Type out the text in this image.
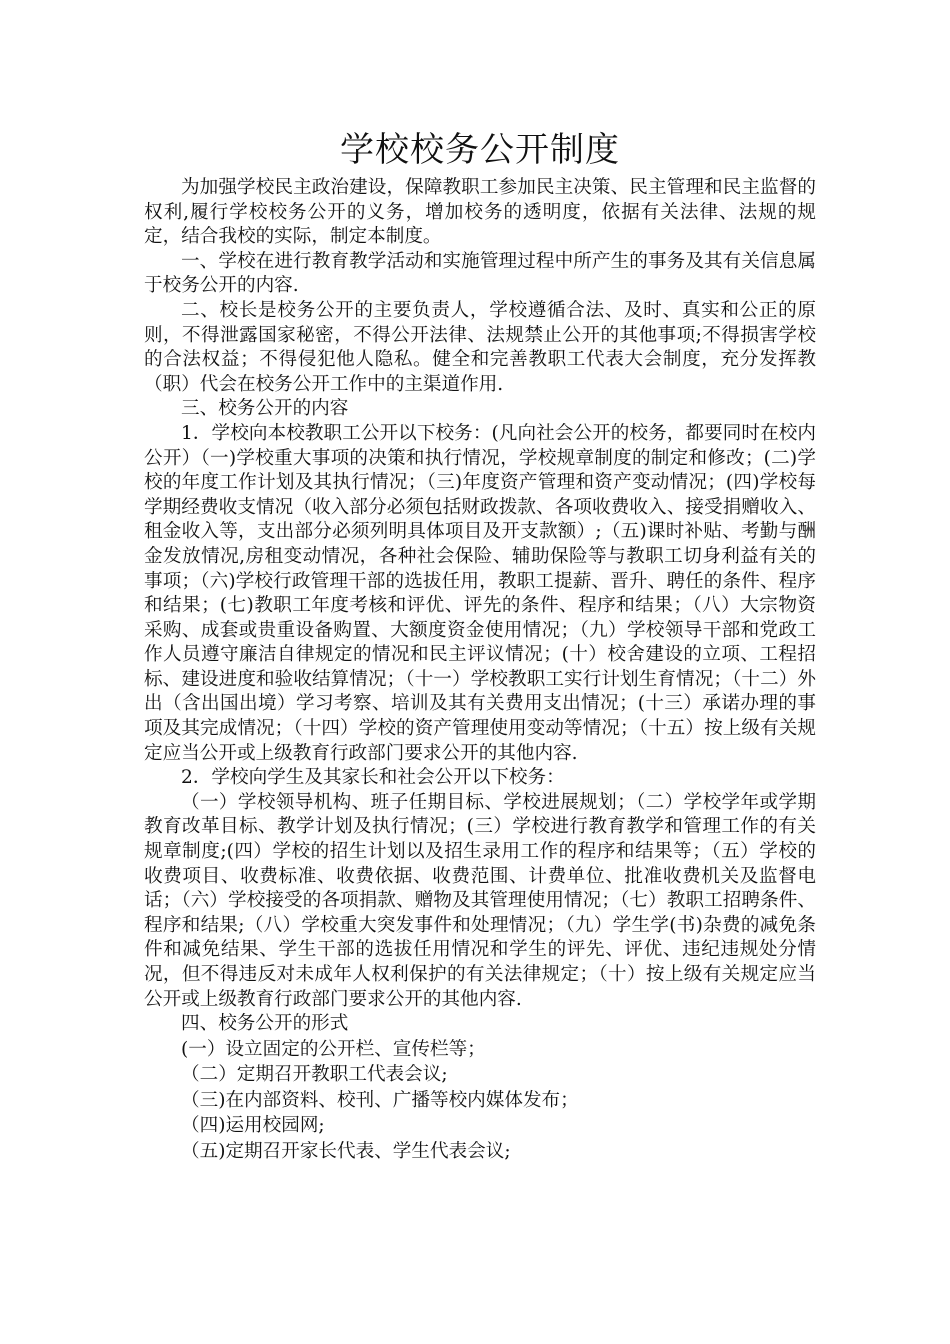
学校校务公开制度

为加强学校民主政治建设，保障教职工参加民主决策、民主管理和民主监督的权利,履行学校校务公开的义务，增加校务的透明度，依据有关法律、法规的规定，结合我校的实际，制定本制度。

一、学校在进行教育教学活动和实施管理过程中所产生的事务及其有关信息属于校务公开的内容.

二、校长是校务公开的主要负责人，学校遵循合法、及时、真实和公正的原则，不得泄露国家秘密，不得公开法律、法规禁止公开的其他事项;不得损害学校的合法权益；不得侵犯他人隐私。健全和完善教职工代表大会制度，充分发挥教（职）代会在校务公开工作中的主渠道作用.

三、校务公开的内容

1．学校向本校教职工公开以下校务：(凡向社会公开的校务，都要同时在校内公开）（一)学校重大事项的决策和执行情况，学校规章制度的制定和修改；(二)学校的年度工作计划及其执行情况；（三)年度资产管理和资产变动情况；(四)学校每学期经费收支情况（收入部分必须包括财政拨款、各项收费收入、接受捐赠收入、租金收入等，支出部分必须列明具体项目及开支款额）;（五)课时补贴、考勤与酬金发放情况,房租变动情况，各种社会保险、辅助保险等与教职工切身利益有关的事项；（六)学校行政管理干部的选拔任用，教职工提薪、晋升、聘任的条件、程序和结果；(七)教职工年度考核和评优、评先的条件、程序和结果；（八）大宗物资采购、成套或贵重设备购置、大额度资金使用情况；（九）学校领导干部和党政工作人员遵守廉洁自律规定的情况和民主评议情况；(十）校舍建设的立项、工程招标、建设进度和验收结算情况；（十一）学校教职工实行计划生育情况；（十二）外出（含出国出境）学习考察、培训及其有关费用支出情况；(十三）承诺办理的事项及其完成情况；（十四）学校的资产管理使用变动等情况；（十五）按上级有关规定应当公开或上级教育行政部门要求公开的其他内容.

2．学校向学生及其家长和社会公开以下校务：

（一）学校领导机构、班子任期目标、学校进展规划；（二）学校学年或学期教育改革目标、教学计划及执行情况；(三）学校进行教育教学和管理工作的有关规章制度;(四）学校的招生计划以及招生录用工作的程序和结果等；（五）学校的收费项目、收费标准、收费依据、收费范围、计费单位、批准收费机关及监督电话；（六）学校接受的各项捐款、赠物及其管理使用情况；（七）教职工招聘条件、程序和结果;（八）学校重大突发事件和处理情况；（九）学生学(书)杂费的减免条件和减免结果、学生干部的选拔任用情况和学生的评先、评优、违纪违规处分情况，但不得违反对未成年人权利保护的有关法律规定；（十）按上级有关规定应当公开或上级教育行政部门要求公开的其他内容.

四、校务公开的形式

(一）设立固定的公开栏、宣传栏等；

（二）定期召开教职工代表会议;

（三)在内部资料、校刊、广播等校内媒体发布；

（四)运用校园网;

（五)定期召开家长代表、学生代表会议;
